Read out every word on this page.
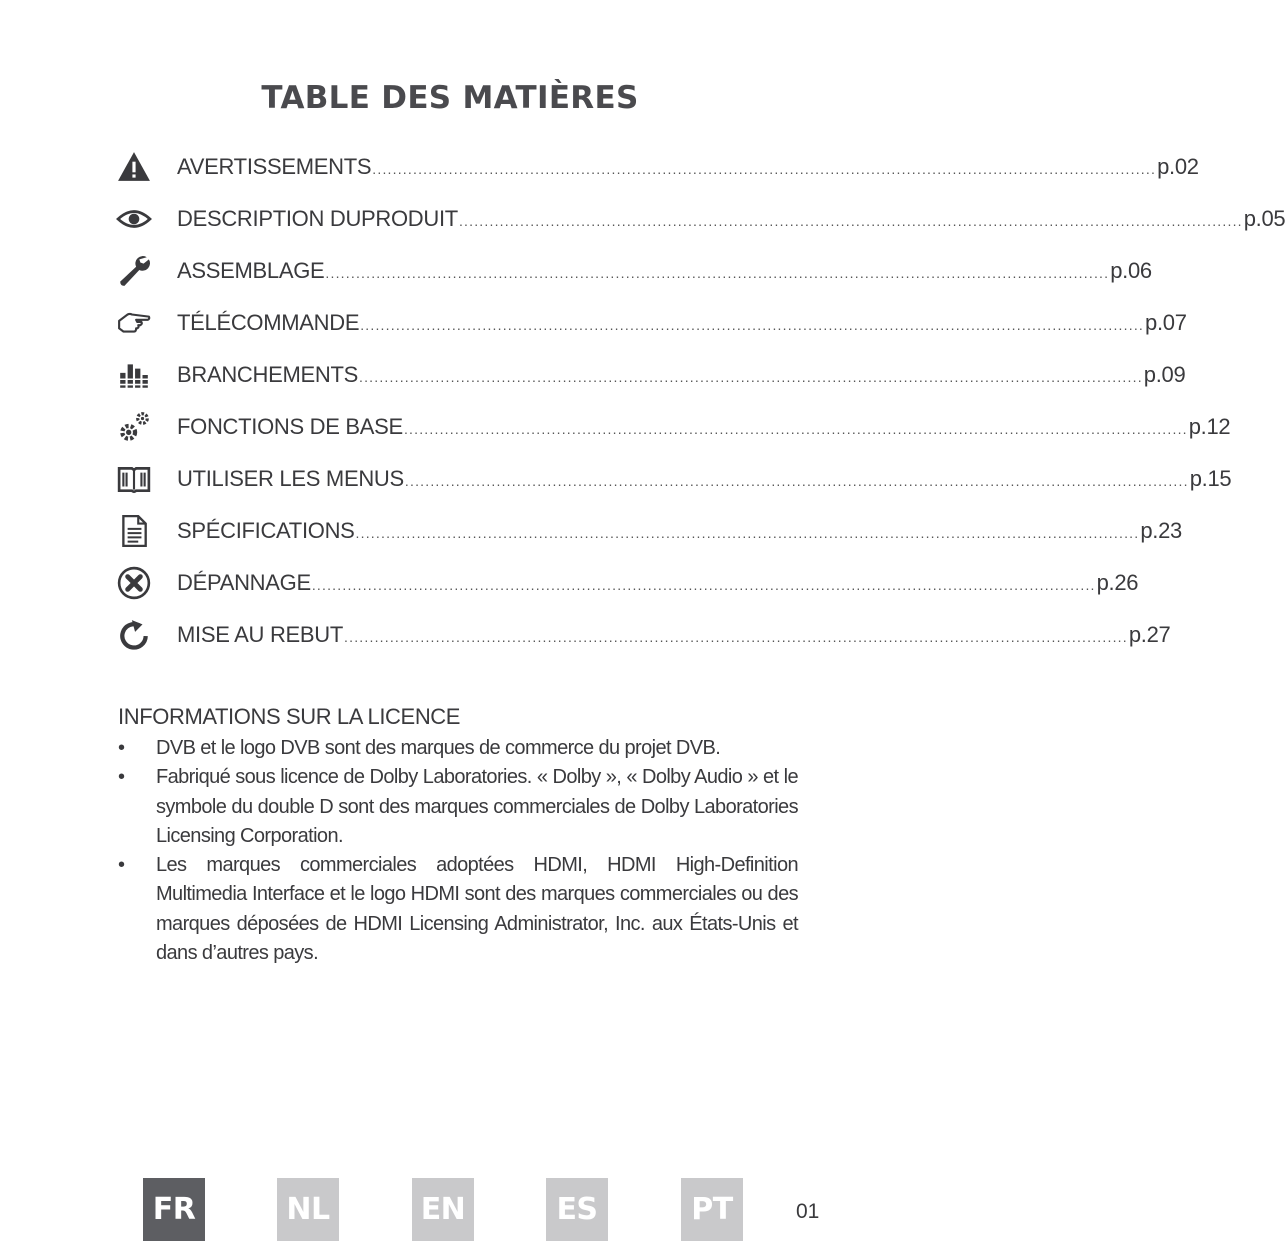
TABLE DES MATIÈRES
AVERTISSEMENTS .......................................................................................................................................................... p.02
DESCRIPTION DUPRODUIT .......................................................................................................................................................... p.05
ASSEMBLAGE .......................................................................................................................................................... p.06
TÉLÉCOMMANDE .......................................................................................................................................................... p.07
BRANCHEMENTS .......................................................................................................................................................... p.09
FONCTIONS DE BASE .......................................................................................................................................................... p.12
UTILISER LES MENUS .......................................................................................................................................................... p.15
SPÉCIFICATIONS .......................................................................................................................................................... p.23
DÉPANNAGE .......................................................................................................................................................... p.26
MISE AU REBUT .......................................................................................................................................................... p.27
INFORMATIONS SUR LA LICENCE
• DVB et le logo DVB sont des marques de commerce du projet DVB.
• Fabriqué sous licence de Dolby Laboratories. « Dolby », « Dolby Audio » et le symbole du double D sont des marques commerciales de Dolby Laboratories Licensing Corporation.
• Les marques commerciales adoptées HDMI, HDMI High-Definition Multimedia Interface et le logo HDMI sont des marques commerciales ou des marques déposées de HDMI Licensing Administrator, Inc. aux États-Unis et dans d’autres pays.
FR	NL	EN	ES	PT	01
